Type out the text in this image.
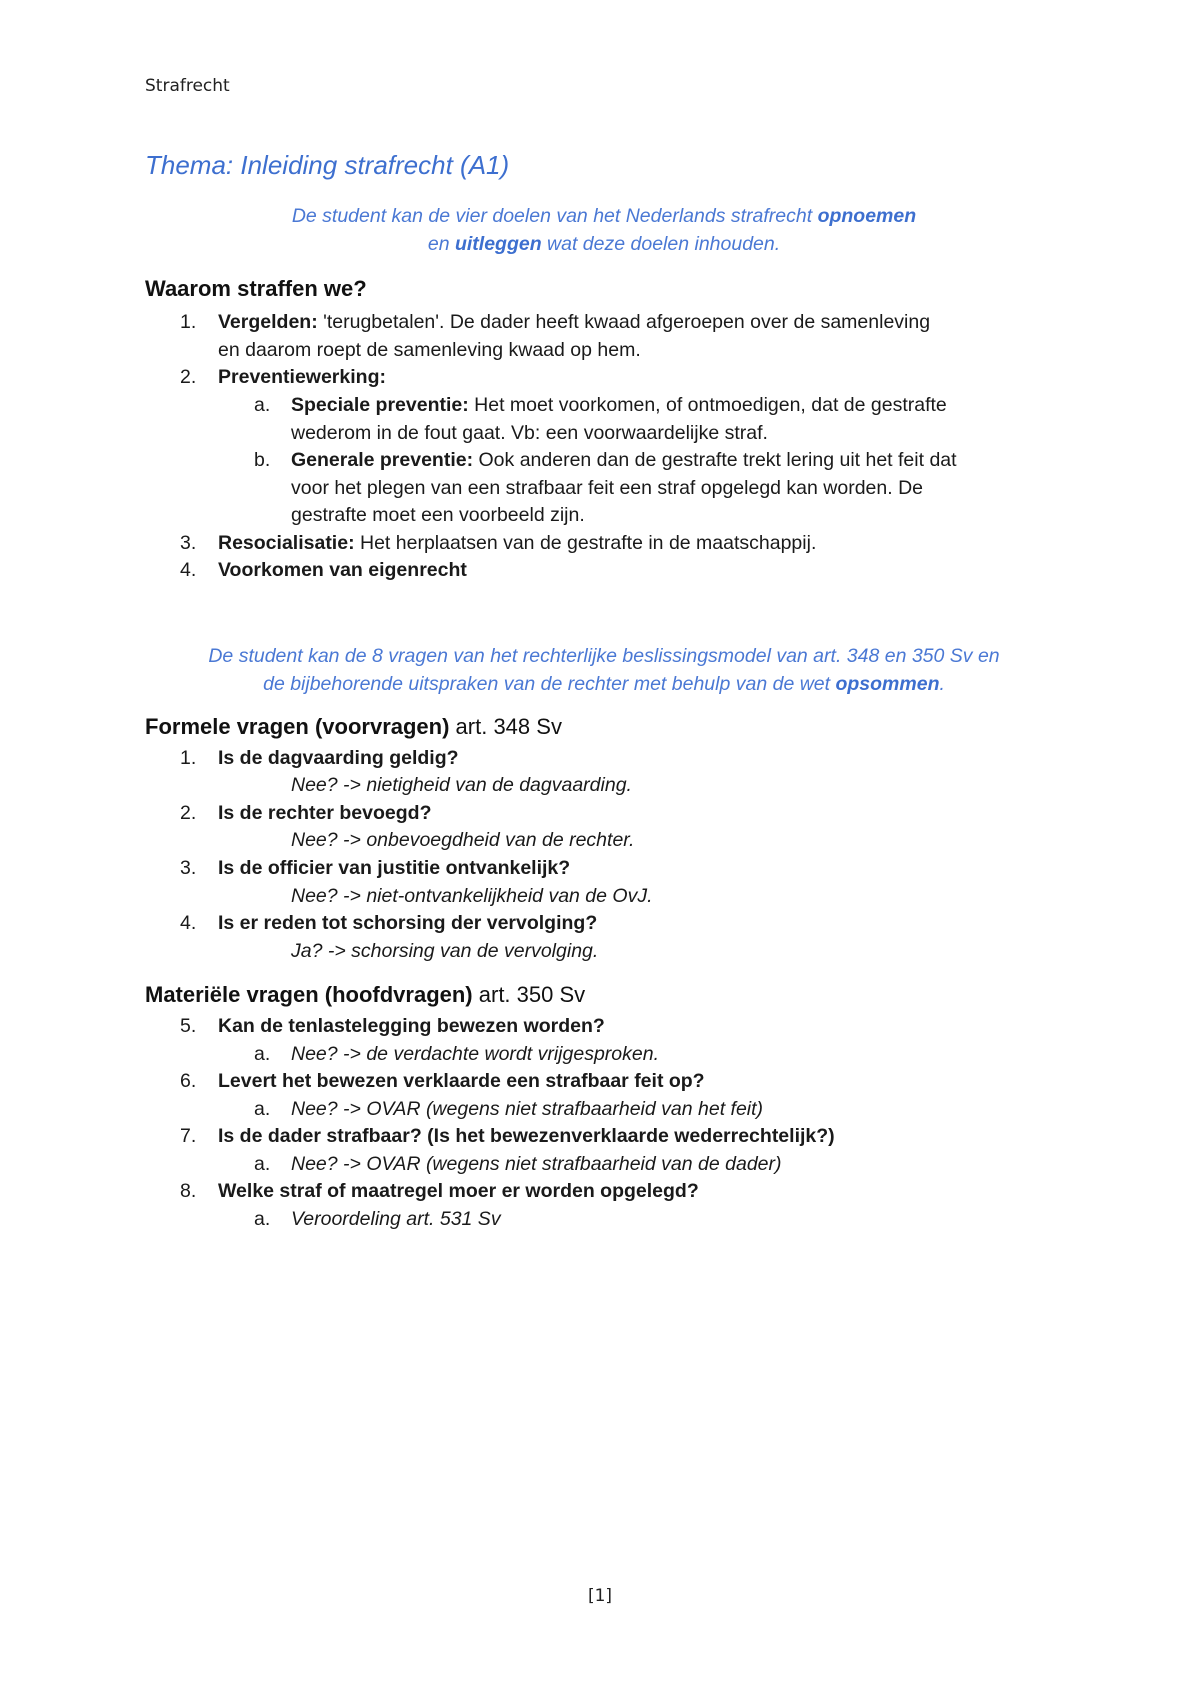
Strafrecht
Thema: Inleiding strafrecht (A1)
De student kan de vier doelen van het Nederlands strafrecht opnoemen
en uitleggen wat deze doelen inhouden.
Waarom straffen we?
1. Vergelden: 'terugbetalen'. De dader heeft kwaad afgeroepen over de samenleving
en daarom roept de samenleving kwaad op hem.
2. Preventiewerking:
a. Speciale preventie: Het moet voorkomen, of ontmoedigen, dat de gestrafte
wederom in de fout gaat. Vb: een voorwaardelijke straf.
b. Generale preventie: Ook anderen dan de gestrafte trekt lering uit het feit dat
voor het plegen van een strafbaar feit een straf opgelegd kan worden. De
gestrafte moet een voorbeeld zijn.
3. Resocialisatie: Het herplaatsen van de gestrafte in de maatschappij.
4. Voorkomen van eigenrecht
De student kan de 8 vragen van het rechterlijke beslissingsmodel van art. 348 en 350 Sv en
de bijbehorende uitspraken van de rechter met behulp van de wet opsommen.
Formele vragen (voorvragen) art. 348 Sv
1. Is de dagvaarding geldig?
Nee? -> nietigheid van de dagvaarding.
2. Is de rechter bevoegd?
Nee? -> onbevoegdheid van de rechter.
3. Is de officier van justitie ontvankelijk?
Nee? -> niet-ontvankelijkheid van de OvJ.
4. Is er reden tot schorsing der vervolging?
Ja? -> schorsing van de vervolging.
Materiële vragen (hoofdvragen) art. 350 Sv
5. Kan de tenlastelegging bewezen worden?
a. Nee? -> de verdachte wordt vrijgesproken.
6. Levert het bewezen verklaarde een strafbaar feit op?
a. Nee? -> OVAR (wegens niet strafbaarheid van het feit)
7. Is de dader strafbaar? (Is het bewezenverklaarde wederrechtelijk?)
a. Nee? -> OVAR (wegens niet strafbaarheid van de dader)
8. Welke straf of maatregel moer er worden opgelegd?
a. Veroordeling art. 531 Sv
[1]
